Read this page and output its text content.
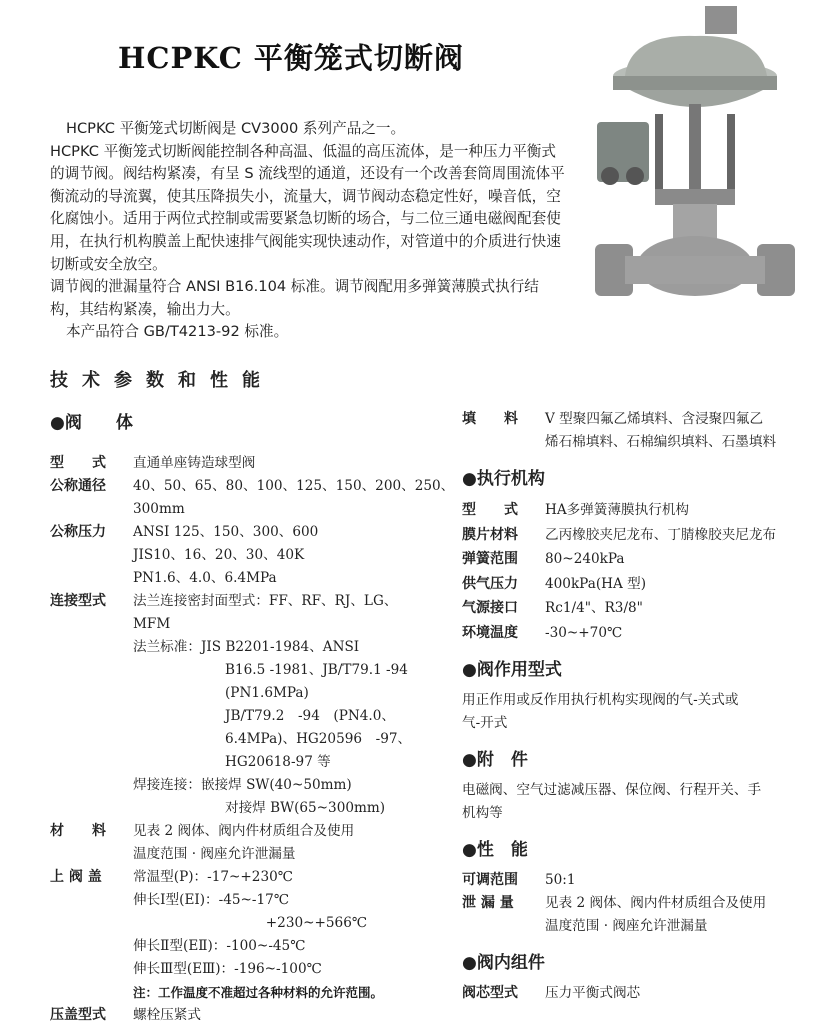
HCPKC 平衡笼式切断阀

HCPKC 平衡笼式切断阀是 CV3000 系列产品之一。

HCPKC 平衡笼式切断阀能控制各种高温、低温的高压流体，是一种压力平衡式的调节阀。阀结构紧凑，有呈 S 流线型的通道，还设有一个改善套筒周围流体平衡流动的导流翼，使其压降损失小，流量大，调节阀动态稳定性好，噪音低，空化腐蚀小。适用于两位式控制或需要紧急切断的场合，与二位三通电磁阀配套使用，在执行机构膜盖上配快速排气阀能实现快速动作，对管道中的介质进行快速切断或安全放空。

调节阀的泄漏量符合 ANSI B16.104 标准。调节阀配用多弹簧薄膜式执行结构，其结构紧凑，输出力大。

本产品符合 GB/T4213-92 标准。

技术参数和性能
●阀　　体
型　　式	直通单座铸造球型阀
公称通径	40、50、65、80、100、125、150、200、250、
300mm
公称压力	ANSI 125、150、300、600
JIS10、16、20、30、40K
PN1.6、4.0、6.4MPa
连接型式	法兰连接密封面型式：FF、RF、RJ、LG、
MFM
法兰标准：JIS B2201-1984、ANSI
B16.5 -1981、JB/T79.1 -94
(PN1.6MPa)
JB/T79.2　-94　(PN4.0、
6.4MPa)、HG20596　-97、
HG20618-97 等
焊接连接：嵌接焊 SW(40~50mm)
对接焊 BW(65~300mm)
材　　料	见表 2 阀体、阀内件材质组合及使用
温度范围 · 阀座允许泄漏量
上 阀 盖	常温型(P)：-17~+230℃
伸长Ⅰ型(EⅠ)：-45~-17℃
　　　+230~+566℃
伸长Ⅱ型(EⅡ)：-100~-45℃
伸长Ⅲ型(EⅢ)：-196~-100℃
注：工作温度不准超过各种材料的允许范围。
压盖型式	螺栓压紧式
填　　料	V 型聚四氟乙烯填料、含浸聚四氟乙
烯石棉填料、石棉编织填料、石墨填料
●执行机构
型　　式	HA多弹簧薄膜执行机构
膜片材料	乙丙橡胶夹尼龙布、丁腈橡胶夹尼龙布
弹簧范围	80~240kPa
供气压力	400kPa(HA 型)
气源接口	Rc1/4"、R3/8"
环境温度	-30~+70℃
●阀作用型式
用正作用或反作用执行机构实现阀的气-关式或
气-开式
●附　件
电磁阀、空气过滤减压器、保位阀、行程开关、手
机构等
●性　能
可调范围	50:1
泄 漏 量	见表 2 阀体、阀内件材质组合及使用
温度范围 · 阀座允许泄漏量
●阀内组件
阀芯型式	压力平衡式阀芯
